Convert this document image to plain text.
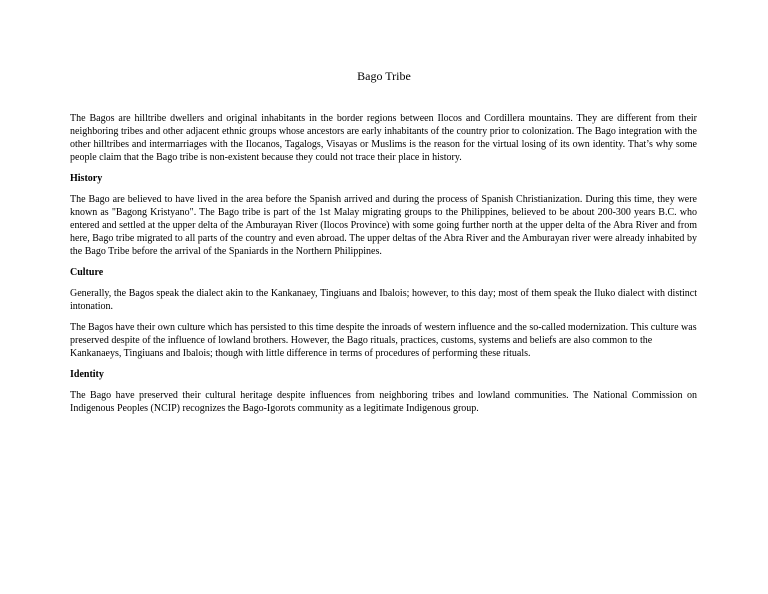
Bago Tribe

The Bagos are hilltribe dwellers and original inhabitants in the border regions between Ilocos and Cordillera mountains. They are different from their neighboring tribes and other adjacent ethnic groups whose ancestors are early inhabitants of the country prior to colonization. The Bago integration with the other hilltribes and intermarriages with the Ilocanos, Tagalogs, Visayas or Muslims is the reason for the virtual losing of its own identity. That’s why some people claim that the Bago tribe is non-existent because they could not trace their place in history.

History

The Bago are believed to have lived in the area before the Spanish arrived and during the process of Spanish Christianization. During this time, they were known as "Bagong Kristyano". The Bago tribe is part of the 1st Malay migrating groups to the Philippines, believed to be about 200-300 years B.C. who entered and settled at the upper delta of the Amburayan River (Ilocos Province) with some going further north at the upper delta of the Abra River and from here, Bago tribe migrated to all parts of the country and even abroad. The upper deltas of the Abra River and the Amburayan river were already inhabited by the Bago Tribe before the arrival of the Spaniards in the Northern Philippines.

Culture

Generally, the Bagos speak the dialect akin to the Kankanaey, Tingiuans and Ibalois; however, to this day; most of them speak the Iluko dialect with distinct intonation.

The Bagos have their own culture which has persisted to this time despite the inroads of western influence and the so-called modernization. This culture was preserved despite of the influence of lowland brothers. However, the Bago rituals, practices, customs, systems and beliefs are also common to the Kankanaeys, Tingiuans and Ibalois; though with little difference in terms of procedures of performing these rituals.

Identity

The Bago have preserved their cultural heritage despite influences from neighboring tribes and lowland communities. The National Commission on Indigenous Peoples (NCIP) recognizes the Bago-Igorots community as a legitimate Indigenous group.
